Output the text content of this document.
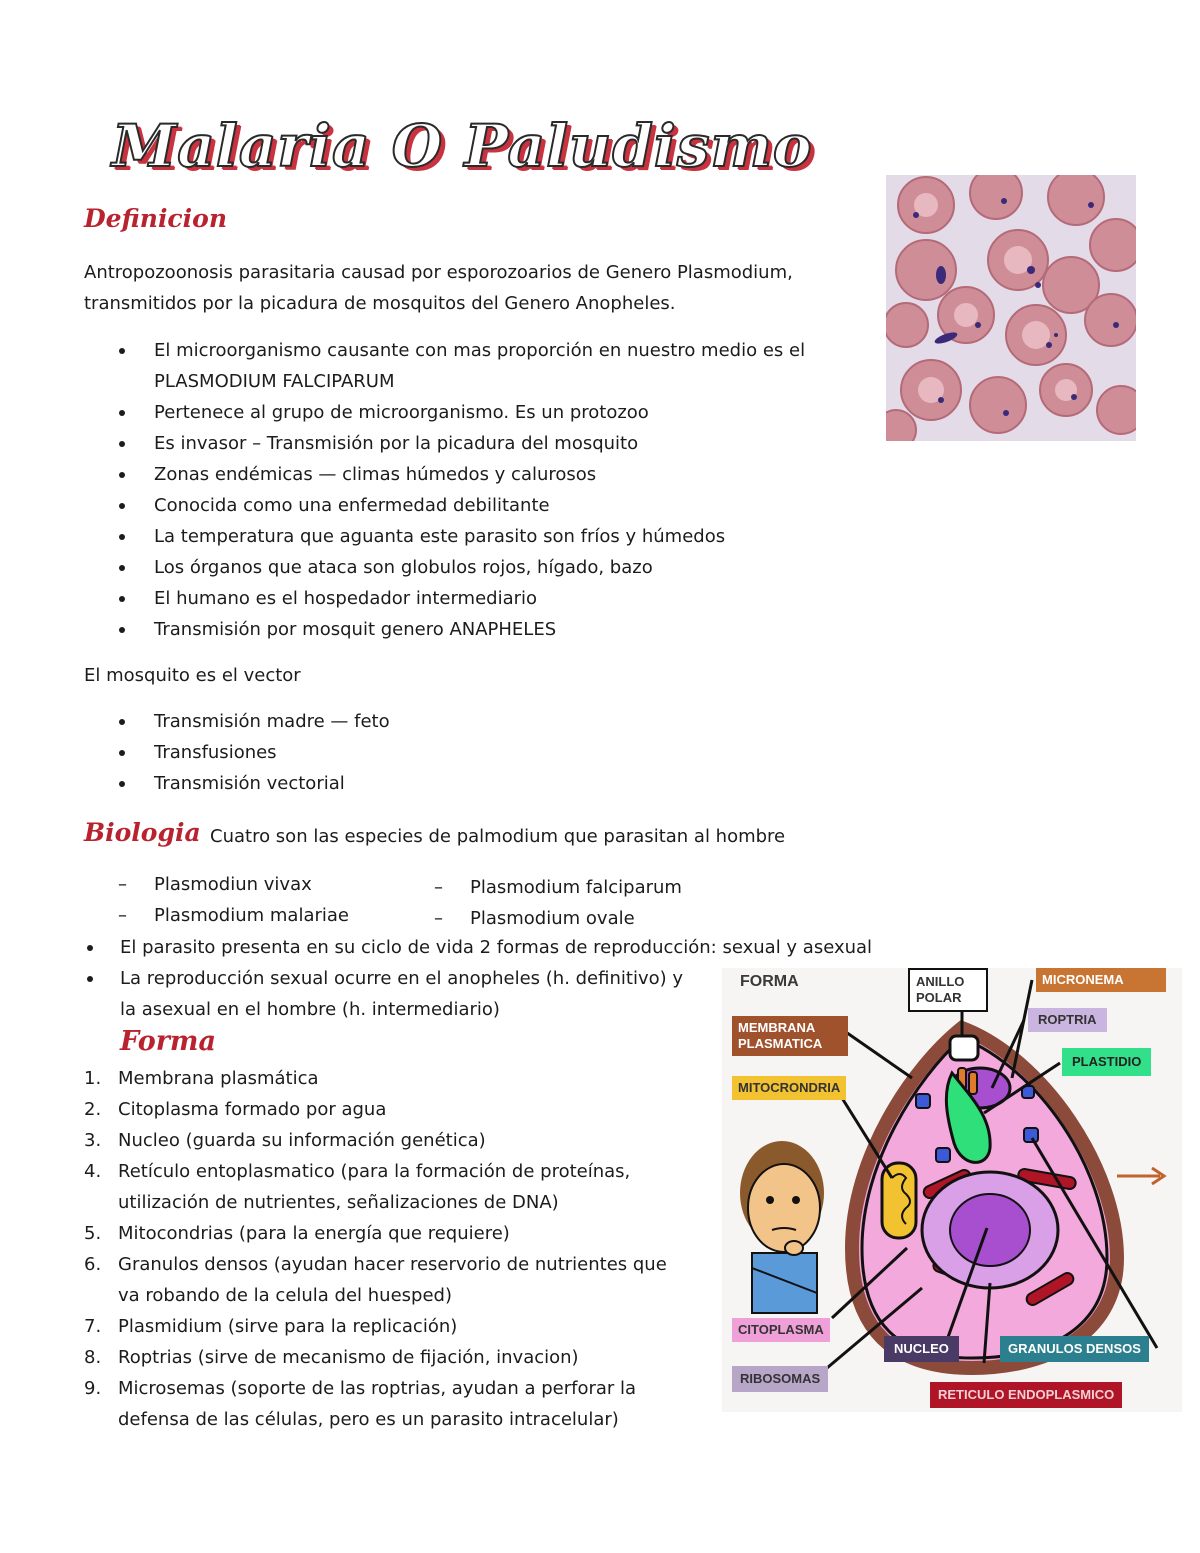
Malaria O Paludismo
Definicion
Antropozoonosis parasitaria causad por esporozoarios de Genero Plasmodium,
transmitidos por la picadura de mosquitos del Genero Anopheles.
El microorganismo causante con mas proporción en nuestro medio es el
PLASMODIUM FALCIPARUM
Pertenece al grupo de microorganismo. Es un protozoo
Es invasor – Transmisión por la picadura del mosquito
Zonas endémicas — climas húmedos y calurosos
Conocida como una enfermedad debilitante
La temperatura que aguanta este parasito son fríos y húmedos
Los órganos que ataca son globulos rojos, hígado, bazo
El humano es el hospedador intermediario
Transmisión por mosquit genero ANAPHELES
El mosquito es el vector
Transmisión madre — feto
Transfusiones
Transmisión vectorial
Biologia Cuatro son las especies de palmodium que parasitan al hombre
– Plasmodiun vivax
– Plasmodium malariae
– Plasmodium falciparum
– Plasmodium ovale
El parasito presenta en su ciclo de vida 2 formas de reproducción: sexual y asexual
La reproducción sexual ocurre en el anopheles (h. definitivo) y
la asexual en el hombre (h. intermediario)
Forma
1. Membrana plasmática
2. Citoplasma formado por agua
3. Nucleo (guarda su información genética)
4. Retículo entoplasmatico (para la formación de proteínas,
utilización de nutrientes, señalizaciones de DNA)
5. Mitocondrias (para la energía que requiere)
6. Granulos densos (ayudan hacer reservorio de nutrientes que
va robando de la celula del huesped)
7. Plasmidium (sirve para la replicación)
8. Roptrias (sirve de mecanismo de fijación, invacion)
9. Microsemas (soporte de las roptrias, ayudan a perforar la
defensa de las células, pero es un parasito intracelular)
FORMA	ANILLO POLAR
MICRONEMA
ROPTRIA
PLASTIDIO
MEMBRANA PLASMATICA
MITOCRONDRIA
CITOPLASMA
NUCLEO	GRANULOS DENSOS
RIBOSOMAS
RETICULO ENDOPLASMICO
